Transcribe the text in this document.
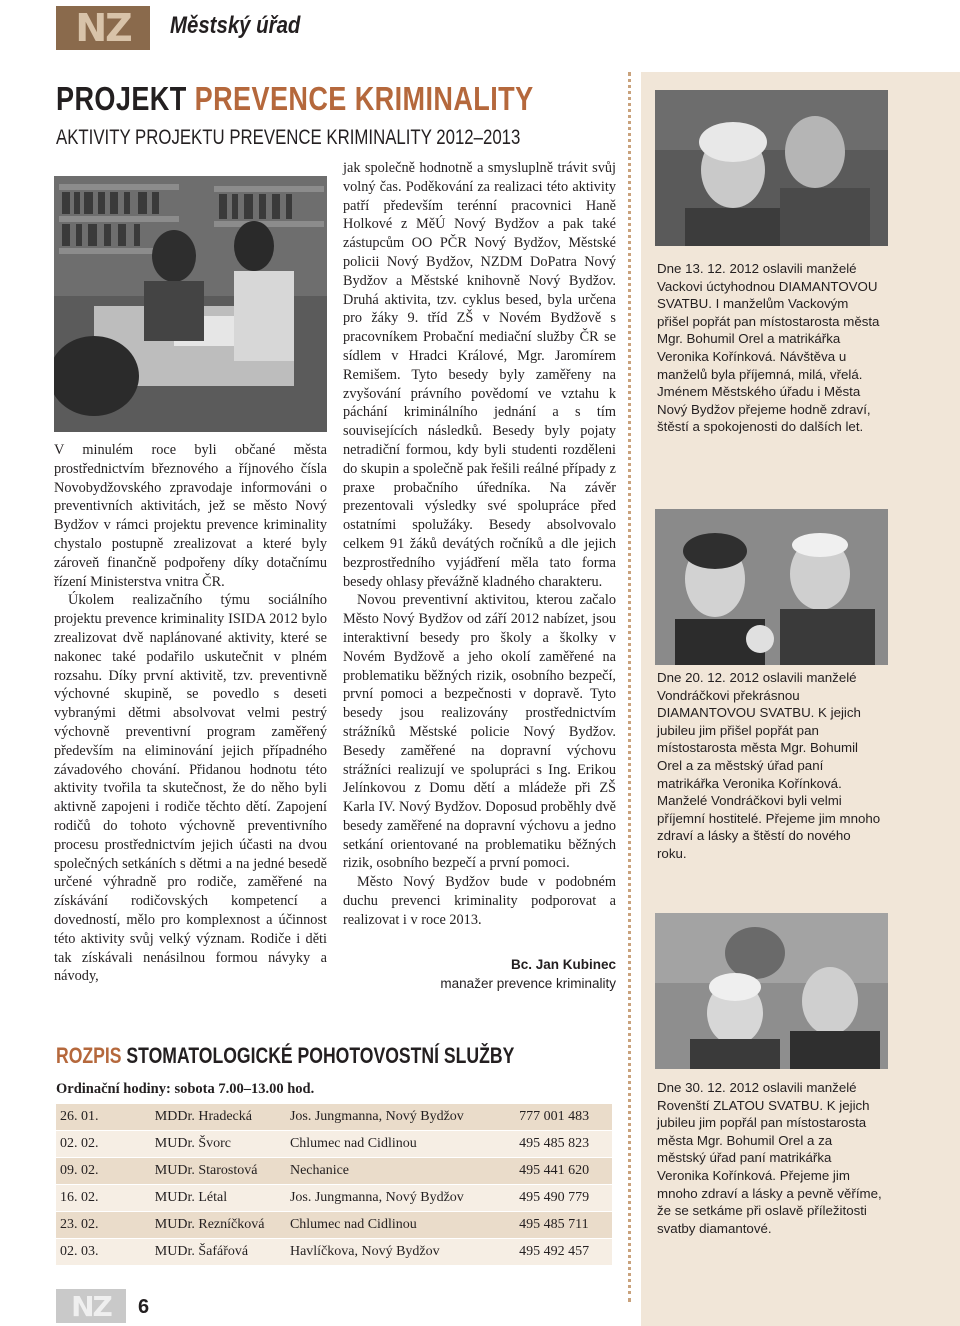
NZ	Městský úřad
PROJEKT PREVENCE KRIMINALITY
AKTIVITY PROJEKTU PREVENCE KRIMINALITY 2012–2013

V minulém roce byli občané města prostřednictvím březnového a říjnového čísla Novobydžovského zpravodaje informováni o preventivních aktivitách, jež se město Nový Bydžov v rámci projektu prevence kriminality chystalo postupně zrealizovat a které byly zároveň finančně podpořeny díky dotačnímu řízení Ministerstva vnitra ČR.

Úkolem realizačního týmu sociálního projektu prevence kriminality ISIDA 2012 bylo zrealizovat dvě naplánované aktivity, které se nakonec také podařilo uskutečnit v plném rozsahu. Díky první aktivitě, tzv. preventivně výchovné skupině, se povedlo s deseti vybranými dětmi absolvovat velmi pestrý výchovně preventivní program zaměřený především na eliminování jejich případného závadového chování. Přidanou hodnotu této aktivity tvořila ta skutečnost, že do něho byli aktivně zapojeni i rodiče těchto dětí. Zapojení rodičů do tohoto výchovně preventivního procesu prostřednictvím jejich účasti na dvou společných setkáních s dětmi a na jedné besedě určené výhradně pro rodiče, zaměřené na získávání rodičovských kompetencí a dovedností, mělo pro komplexnost a účinnost této aktivity svůj velký význam. Rodiče i děti tak získávali nenásilnou formou návyky a návody,

jak společně hodnotně a smysluplně trávit svůj volný čas. Poděkování za realizaci této aktivity patří především terénní pracovnici Haně Holkové z MěÚ Nový Bydžov a pak také zástupcům OO PČR Nový Bydžov, Městské policii Nový Bydžov, NZDM DoPatra Nový Bydžov a Městské knihovně Nový Bydžov. Druhá aktivita, tzv. cyklus besed, byla určena pro žáky 9. tříd ZŠ v Novém Bydžově s pracovníkem Probační mediační služby ČR se sídlem v Hradci Králové, Mgr. Jaromírem Remišem. Tyto besedy byly zaměřeny na zvyšování právního povědomí ve vztahu k páchání kriminálního jednání a s tím souvisejících následků. Besedy byly pojaty netradiční formou, kdy byli studenti rozděleni do skupin a společně pak řešili reálné případy z praxe probačního úředníka. Na závěr prezentovali výsledky své spolupráce před ostatními spolužáky. Besedy absolvovalo celkem 91 žáků devátých ročníků a dle jejich bezprostředního vyjádření měla tato forma besedy ohlasy převážně kladného charakteru.

Novou preventivní aktivitou, kterou začalo Město Nový Bydžov od září 2012 nabízet, jsou interaktivní besedy pro školy a školky v Novém Bydžově a jeho okolí zaměřené na problematiku běžných rizik, osobního bezpečí, první pomoci a bezpečnosti v dopravě. Tyto besedy jsou realizovány prostřednictvím strážníků Městské policie Nový Bydžov. Besedy zaměřené na dopravní výchovu strážníci realizují ve spolupráci s Ing. Erikou Jelínkovou z Domu dětí a mládeže při ZŠ Karla IV. Nový Bydžov. Doposud proběhly dvě besedy zaměřené na dopravní výchovu a jedno setkání orientované na problematiku běžných rizik, osobního bezpečí a první pomoci.

Město Nový Bydžov bude v podobném duchu prevenci kriminality podporovat a realizovat i v roce 2013.

Bc. Jan Kubinec
manažer prevence kriminality
Dne 13. 12. 2012 oslavili manželé Vackovi úctyhodnou DIAMANTOVOU SVATBU. I manželům Vackovým přišel popřát pan místostarosta města Mgr. Bohumil Orel a matrikářka Veronika Kořínková. Návštěva u manželů byla příjemná, milá, vřelá. Jménem Městského úřadu i Města Nový Bydžov přejeme hodně zdraví, štěstí a spokojenosti do dalších let.
Dne 20. 12. 2012 oslavili manželé Vondráčkovi překrásnou DIAMANTOVOU SVATBU. K jejich jubileu jim přišel popřát pan místostarosta města Mgr. Bohumil Orel a za městský úřad paní matrikářka Veronika Kořínková. Manželé Vondráčkovi byli velmi příjemní hostitelé. Přejeme jim mnoho zdraví a lásky a štěstí do nového roku.
Dne 30. 12. 2012 oslavili manželé Rovenští ZLATOU SVATBU. K jejich jubileu jim popřál pan místostarosta města Mgr. Bohumil Orel a za městský úřad paní matrikářka Veronika Kořínková. Přejeme jim mnoho zdraví a lásky a pevně věříme, že se setkáme při oslavě příležitosti svatby diamantové.
ROZPIS STOMATOLOGICKÉ POHOTOVOSTNÍ SLUŽBY
Ordinační hodiny: sobota 7.00–13.00 hod.
26. 01.	MDDr. Hradecká	Jos. Jungmanna, Nový Bydžov	777 001 483
02. 02.	MUDr. Švorc	Chlumec nad Cidlinou	495 485 823
09. 02.	MUDr. Starostová	Nechanice	495 441 620
16. 02.	MUDr. Létal	Jos. Jungmanna, Nový Bydžov	495 490 779
23. 02.	MUDr. Rezníčková	Chlumec nad Cidlinou	495 485 711
02. 03.	MUDr. Šafářová	Havlíčkova, Nový Bydžov	495 492 457
NZ	6
